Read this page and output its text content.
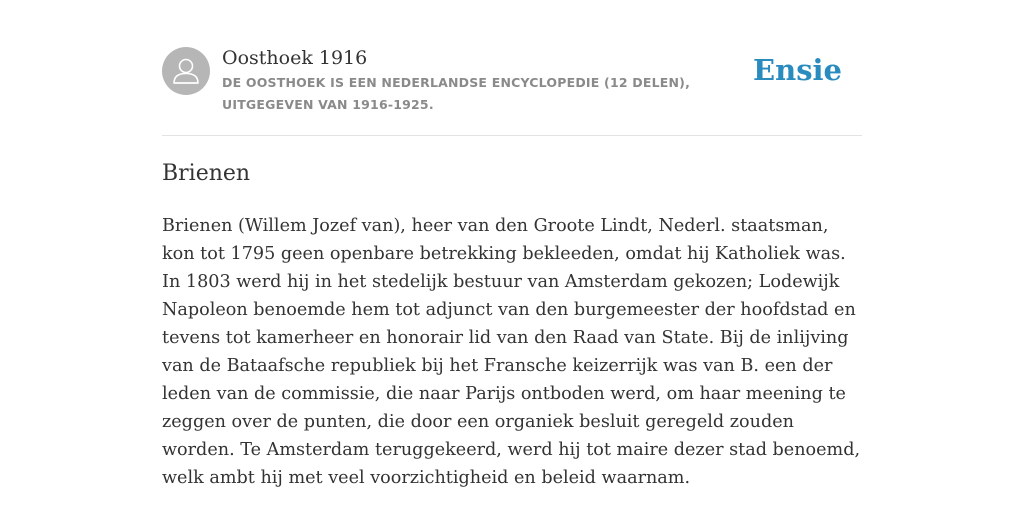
Oosthoek 1916
DE OOSTHOEK IS EEN NEDERLANDSE ENCYCLOPEDIE (12 DELEN), UITGEGEVEN VAN 1916-1925.
Ensie
Brienen

Brienen (Willem Jozef van), heer van den Groote Lindt, Nederl. staatsman, kon tot 1795 geen openbare betrekking bekleeden, omdat hij Katholiek was. In 1803 werd hij in het stedelijk bestuur van Amsterdam gekozen; Lodewijk Napoleon benoemde hem tot adjunct van den burgemeester der hoofdstad en tevens tot kamerheer en honorair lid van den Raad van State. Bij de inlijving van de Bataafsche republiek bij het Fransche keizerrijk was van B. een der leden van de commissie, die naar Parijs ontboden werd, om haar meening te zeggen over de punten, die door een organiek besluit geregeld zouden worden. Te Amsterdam teruggekeerd, werd hij tot maire dezer stad benoemd, welk ambt hij met veel voorzichtigheid en beleid waarnam.
